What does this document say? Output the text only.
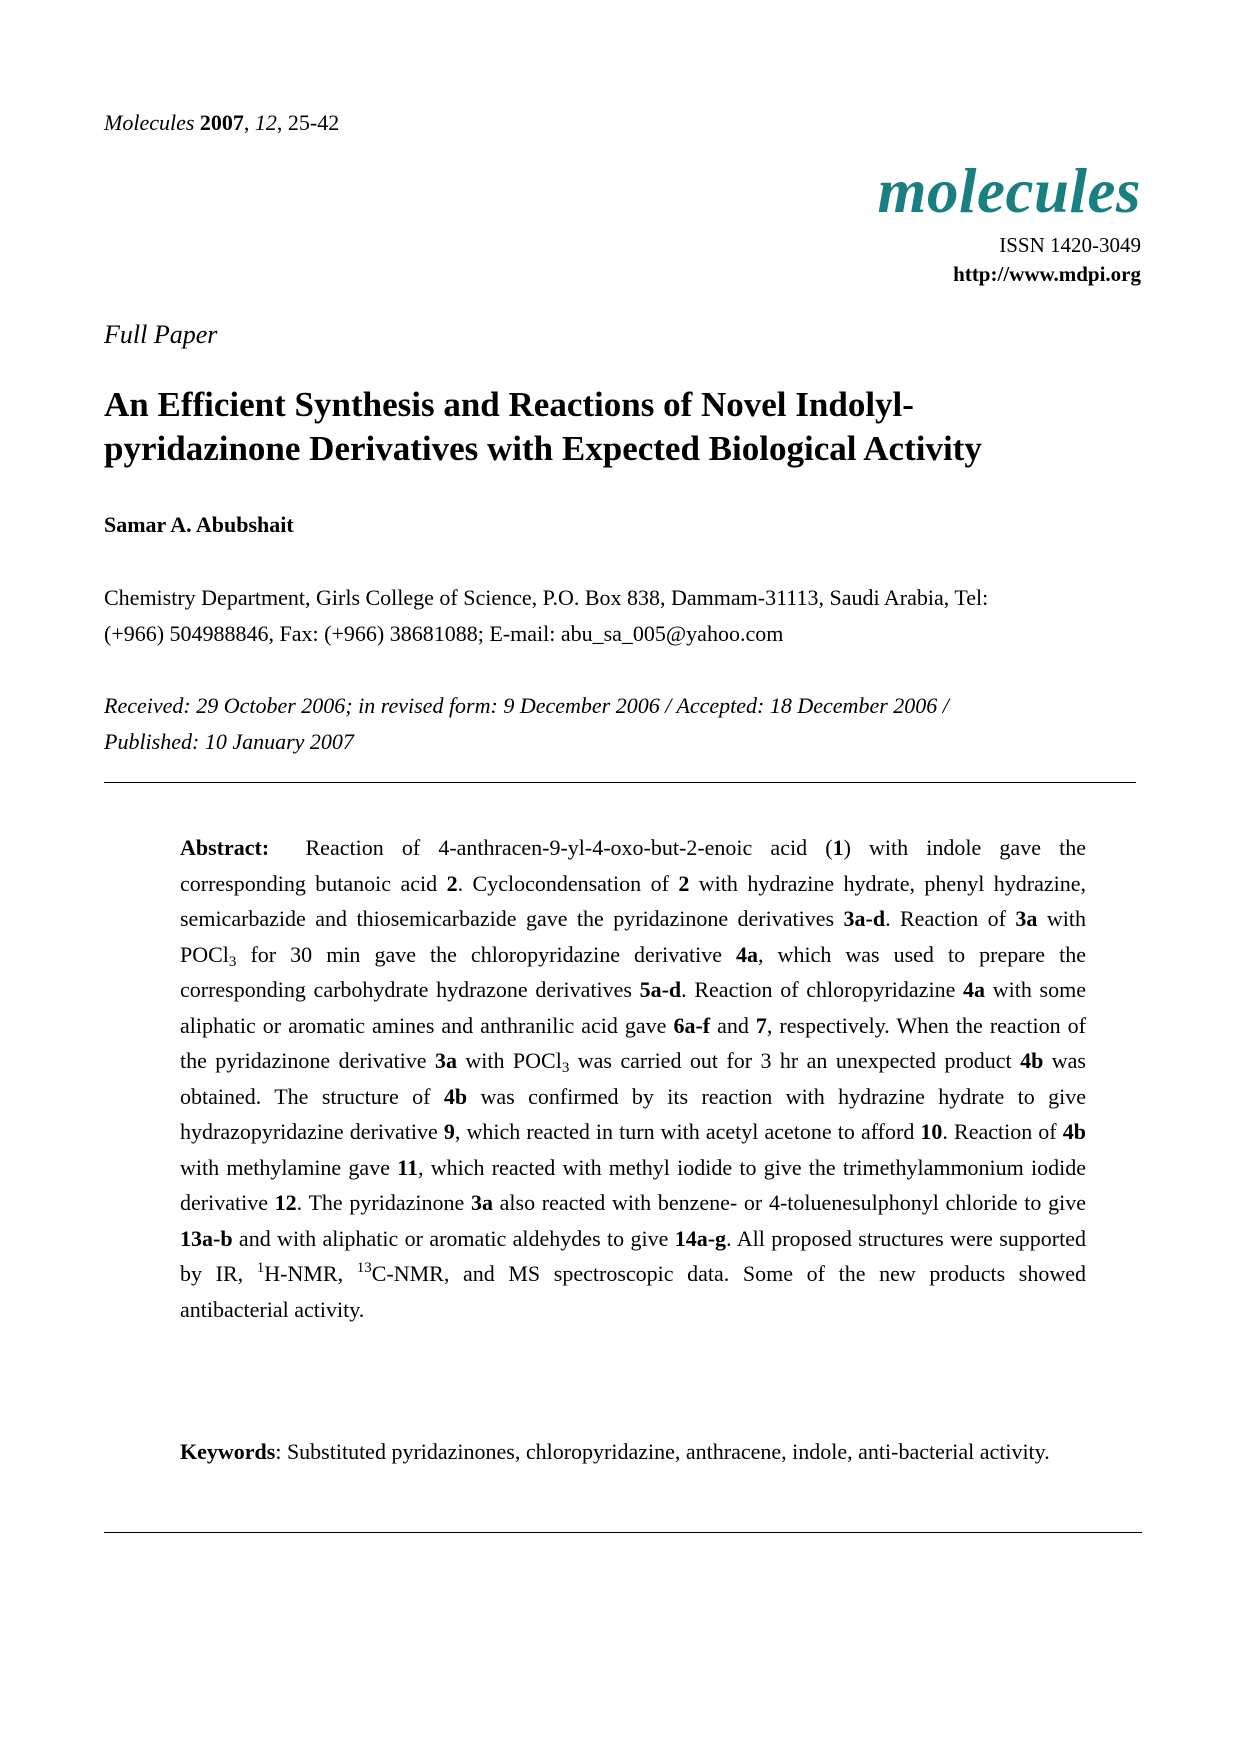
Molecules 2007, 12, 25-42
molecules
ISSN 1420-3049
http://www.mdpi.org
Full Paper
An Efficient Synthesis and Reactions of Novel Indolyl-
pyridazinone Derivatives with Expected Biological Activity
Samar A. Abubshait
Chemistry Department, Girls College of Science, P.O. Box 838, Dammam-31113, Saudi Arabia, Tel:
(+966) 504988846, Fax: (+966) 38681088; E-mail: abu_sa_005@yahoo.com
Received: 29 October 2006; in revised form: 9 December 2006 / Accepted: 18 December 2006 /
Published: 10 January 2007
Abstract: Reaction of 4-anthracen-9-yl-4-oxo-but-2-enoic acid (1) with indole gave the corresponding butanoic acid 2. Cyclocondensation of 2 with hydrazine hydrate, phenyl hydrazine, semicarbazide and thiosemicarbazide gave the pyridazinone derivatives 3a-d. Reaction of 3a with POCl$_3$ for 30 min gave the chloropyridazine derivative 4a, which was used to prepare the corresponding carbohydrate hydrazone derivatives 5a-d. Reaction of chloropyridazine 4a with some aliphatic or aromatic amines and anthranilic acid gave 6a-f and 7, respectively. When the reaction of the pyridazinone derivative 3a with POCl$_3$ was carried out for 3 hr an unexpected product 4b was obtained. The structure of 4b was confirmed by its reaction with hydrazine hydrate to give hydrazopyridazine derivative 9, which reacted in turn with acetyl acetone to afford 10. Reaction of 4b with methylamine gave 11, which reacted with methyl iodide to give the trimethylammonium iodide derivative 12. The pyridazinone 3a also reacted with benzene- or 4-toluenesulphonyl chloride to give 13a-b and with aliphatic or aromatic aldehydes to give 14a-g. All proposed structures were supported by IR, $^1$H-NMR, $^{13}$C-NMR, and MS spectroscopic data. Some of the new products showed antibacterial activity.
Keywords: Substituted pyridazinones, chloropyridazine, anthracene, indole, anti-bacterial activity.
